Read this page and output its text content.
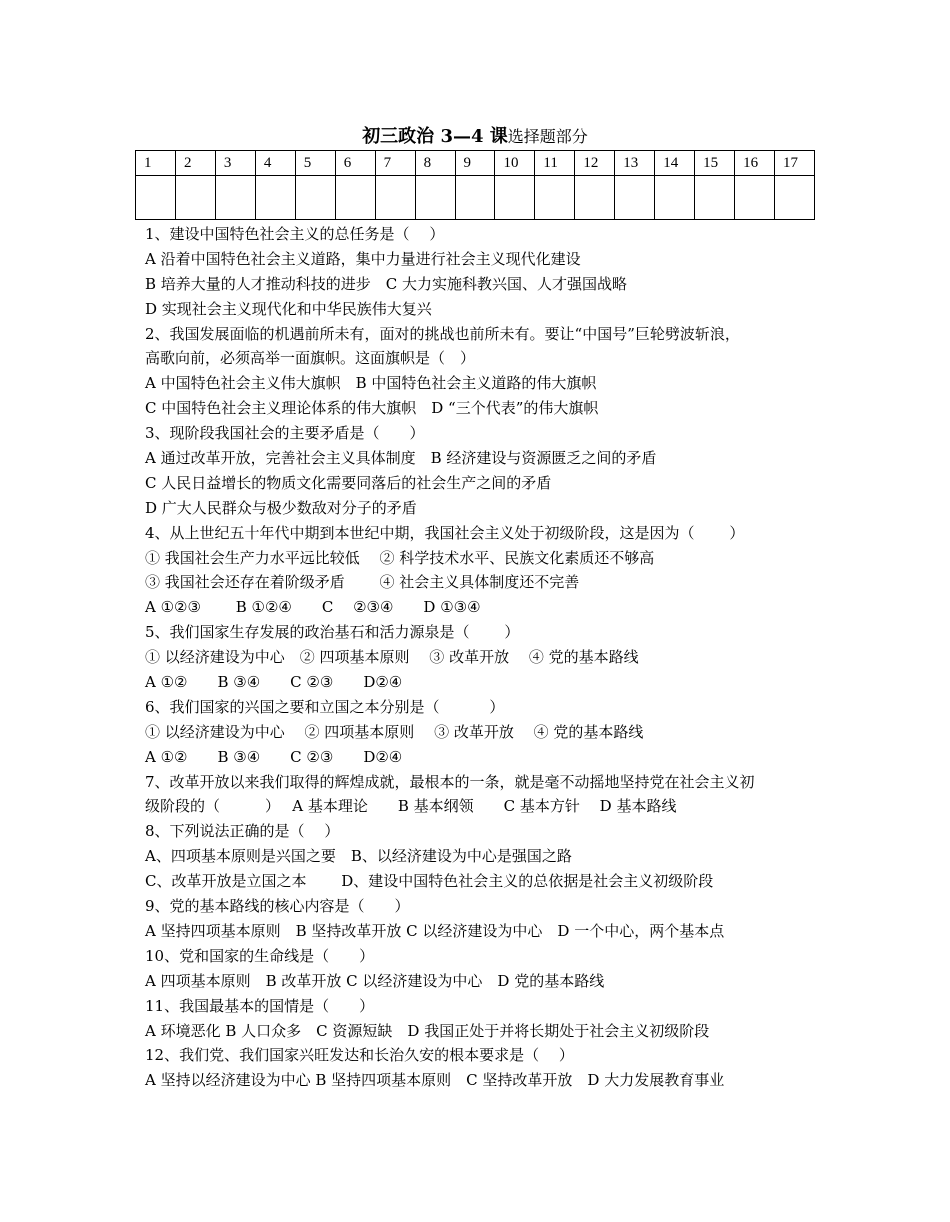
初三政治 3—4 课选择题部分
1	2	3	4	5	6	7	8	9	10	11	12	13	14	15	16	17

1、建设中国特色社会主义的总任务是（　 ）
A 沿着中国特色社会主义道路，集中力量进行社会主义现代化建设
B 培养大量的人才推动科技的进步　C 大力实施科教兴国、人才强国战略
D 实现社会主义现代化和中华民族伟大复兴
2、我国发展面临的机遇前所未有，面对的挑战也前所未有。要让“中国号”巨轮劈波斩浪，
高歌向前，必须高举一面旗帜。这面旗帜是（　）
A 中国特色社会主义伟大旗帜　B 中国特色社会主义道路的伟大旗帜
C 中国特色社会主义理论体系的伟大旗帜　D “三个代表”的伟大旗帜
3、现阶段我国社会的主要矛盾是（　　）
A 通过改革开放，完善社会主义具体制度　B 经济建设与资源匮乏之间的矛盾
C 人民日益增长的物质文化需要同落后的社会生产之间的矛盾
D 广大人民群众与极少数敌对分子的矛盾
4、从上世纪五十年代中期到本世纪中期，我国社会主义处于初级阶段，这是因为（　　 ）
① 我国社会生产力水平远比较低　 ② 科学技术水平、民族文化素质还不够高
③ 我国社会还存在着阶级矛盾　　 ④ 社会主义具体制度还不完善
A ①②③　　 B ①②④　　C　 ②③④　　D ①③④
5、我们国家生存发展的政治基石和活力源泉是（　　 ）
① 以经济建设为中心　② 四项基本原则　 ③ 改革开放　 ④ 党的基本路线
A ①②　　B ③④　　C ②③　　D②④
6、我们国家的兴国之要和立国之本分别是（　　　 ）
① 以经济建设为中心　 ② 四项基本原则　 ③ 改革开放　 ④ 党的基本路线
A ①②　　B ③④　　C ②③　　D②④
7、改革开放以来我们取得的辉煌成就，最根本的一条，就是毫不动摇地坚持党在社会主义初
级阶段的（　　　）　 A 基本理论　　B 基本纲领　　C 基本方针　 D 基本路线
8、下列说法正确的是（　 ）
A、四项基本原则是兴国之要　B、以经济建设为中心是强国之路
C、改革开放是立国之本　　 D、建设中国特色社会主义的总依据是社会主义初级阶段
9、党的基本路线的核心内容是（　　）
A 坚持四项基本原则　B 坚持改革开放 C 以经济建设为中心　D 一个中心，两个基本点
10、党和国家的生命线是（　　）
A 四项基本原则　B 改革开放 C 以经济建设为中心　D 党的基本路线
11、我国最基本的国情是（　　）
A 环境恶化 B 人口众多　C 资源短缺　D 我国正处于并将长期处于社会主义初级阶段
12、我们党、我们国家兴旺发达和长治久安的根本要求是（　 ）
A 坚持以经济建设为中心 B 坚持四项基本原则　C 坚持改革开放　D 大力发展教育事业
